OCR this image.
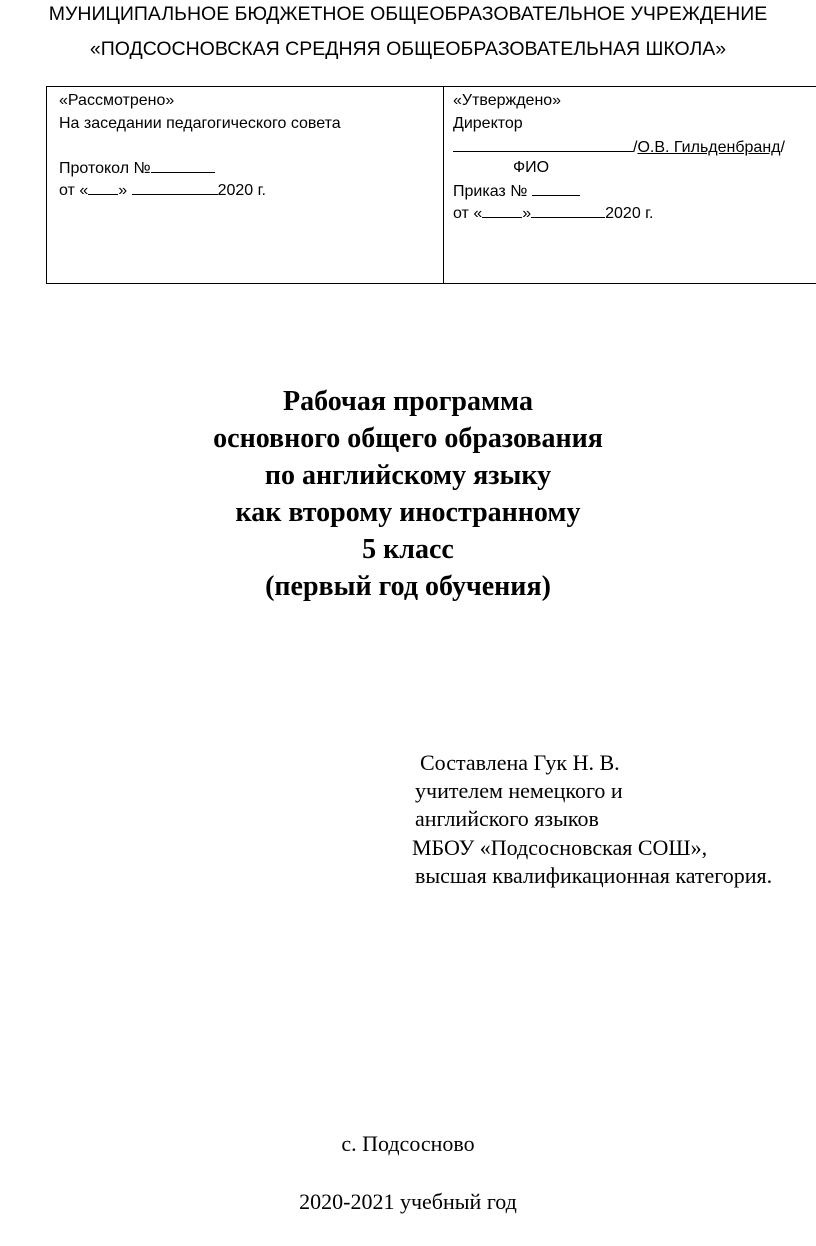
МУНИЦИПАЛЬНОЕ БЮДЖЕТНОЕ ОБЩЕОБРАЗОВАТЕЛЬНОЕ УЧРЕЖДЕНИЕ
«ПОДСОСНОВСКАЯ СРЕДНЯЯ ОБЩЕОБРАЗОВАТЕЛЬНАЯ ШКОЛА»
«Рассмотрено»
На заседании педагогического совета
Протокол №
от « »	2020 г.
«Утверждено»
Директор
/О.В. Гильденбранд/
ФИО
Приказ №
от «	»	2020 г.
Рабочая программа
основного общего образования
по английскому языку
как второму иностранному
5 класс
(первый год обучения)
Составлена Гук Н. В.
учителем немецкого и
английского языков
МБОУ «Подсосновская СОШ»,
высшая квалификационная категория.
с. Подсосново
2020-2021 учебный год
